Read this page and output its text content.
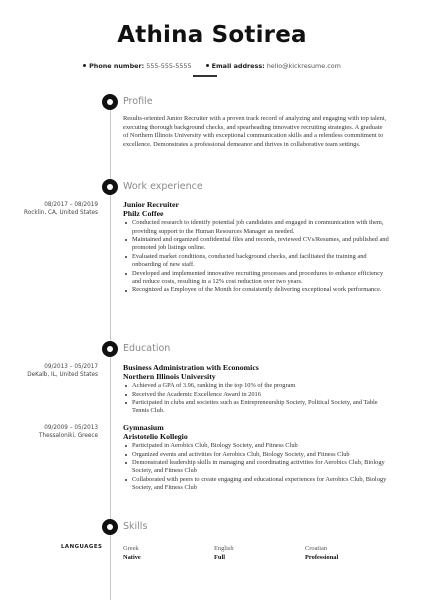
Athina Sotirea
Phone number: 555-555-5555	Email address: hello@kickresume.com
Profile

Results-oriented Junior Recruiter with a proven track record of analyzing and engaging with top talent, executing thorough background checks, and spearheading innovative recruiting strategies. A graduate of Northern Illinois University with exceptional communication skills and a relentless commitment to excellence. Demonstrates a professional demeanor and thrives in collaborative team settings.

Work experience
08/2017 – 08/2019
Rocklin, CA, United States
Junior Recruiter
Philz Coffee
Conducted research to identify potential job candidates and engaged in communication with them, providing support to the Human Resources Manager as needed.
Maintained and organized confidential files and records, reviewed CVs/Resumes, and published and promoted job listings online.
Evaluated market conditions, conducted background checks, and facilitated the training and onboarding of new staff.
Developed and implemented innovative recruiting processes and procedures to enhance efficiency and reduce costs, resulting in a 12% cost reduction over two years.
Recognized as Employee of the Month for consistently delivering exceptional work performance.
Education
09/2013 – 05/2017
DeKalb, IL, United States
Business Administration with Economics
Northern Illinois University
Achieved a GPA of 3.96, ranking in the top 10% of the program
Received the Academic Excellence Award in 2016
Participated in clubs and societies such as Entrepreneurship Society, Political Society, and Table Tennis Club.
09/2009 – 05/2013
Thessaloniki, Greece
Gymnasium
Aristotelio Kollegio
Participated in Aerobics Club, Biology Society, and Fitness Club
Organized events and activities for Aerobics Club, Biology Society, and Fitness Club
Demonstrated leadership skills in managing and coordinating activities for Aerobics Club, Biology Society, and Fitness Club
Collaborated with peers to create engaging and educational experiences for Aerobics Club, Biology Society, and Fitness Club
Skills
LANGUAGES	Greek
Native
English
Full
Croatian
Professional
